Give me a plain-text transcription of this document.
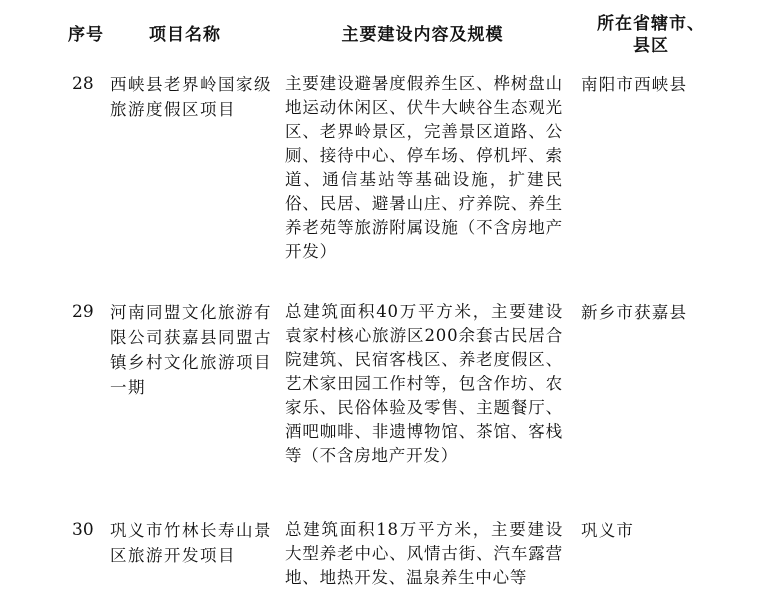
序号	项目名称	主要建设内容及规模
所在省辖市、县区
28 西峡县老界岭国家级旅游度假区项目
主要建设避暑度假养生区、桦树盘山地运动休闲区、伏牛大峡谷生态观光区、老界岭景区，完善景区道路、公厕、接待中心、停车场、停机坪、索道、通信基站等基础设施，扩建民俗、民居、避暑山庄、疗养院、养生养老苑等旅游附属设施（不含房地产开发）
南阳市西峡县
29 河南同盟文化旅游有限公司获嘉县同盟古镇乡村文化旅游项目一期
总建筑面积40万平方米，主要建设袁家村核心旅游区200余套古民居合院建筑、民宿客栈区、养老度假区、艺术家田园工作村等，包含作坊、农家乐、民俗体验及零售、主题餐厅、酒吧咖啡、非遗博物馆、茶馆、客栈等（不含房地产开发）
新乡市获嘉县
30 巩义市竹林长寿山景区旅游开发项目
总建筑面积18万平方米，主要建设大型养老中心、风情古街、汽车露营地、地热开发、温泉养生中心等
巩义市
